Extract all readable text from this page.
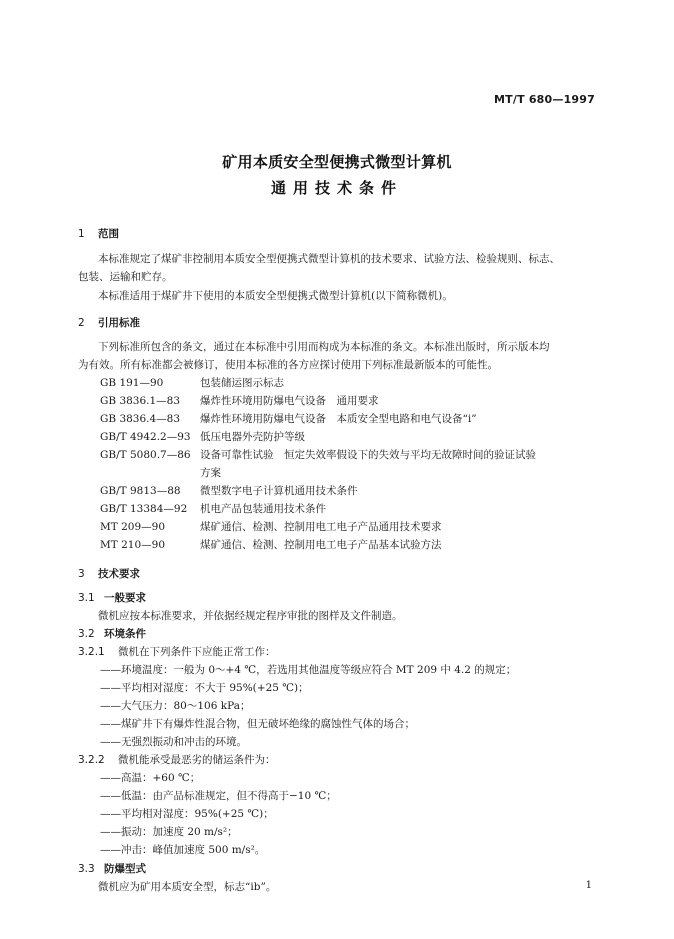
MT/T 680—1997
矿用本质安全型便携式微型计算机
通用技术条件
1 范围
本标准规定了煤矿非控制用本质安全型便携式微型计算机的技术要求、试验方法、检验规则、标志、
包装、运输和贮存。
本标准适用于煤矿井下使用的本质安全型便携式微型计算机(以下简称微机)。
2 引用标准
下列标准所包含的条文，通过在本标准中引用而构成为本标准的条文。本标准出版时，所示版本均
为有效。所有标准都会被修订，使用本标准的各方应探讨使用下列标准最新版本的可能性。
GB 191—90	包装储运图示标志
GB 3836.1—83 爆炸性环境用防爆电气设备　通用要求
GB 3836.4—83 爆炸性环境用防爆电气设备　本质安全型电路和电气设备“i”
GB/T 4942.2—93 低压电器外壳防护等级
GB/T 5080.7—86 设备可靠性试验　恒定失效率假设下的失效与平均无故障时间的验证试验
方案
GB/T 9813—88 微型数字电子计算机通用技术条件
GB/T 13384—92 机电产品包装通用技术条件
MT 209—90	煤矿通信、检测、控制用电工电子产品通用技术要求
MT 210—90	煤矿通信、检测、控制用电工电子产品基本试验方法
3 技术要求
3.1 一般要求
微机应按本标准要求，并依据经规定程序审批的图样及文件制造。
3.2 环境条件
3.2.1 微机在下列条件下应能正常工作：
——环境温度：一般为 0～+4 ℃，若选用其他温度等级应符合 MT 209 中 4.2 的规定；
——平均相对湿度：不大于 95%(+25 ℃)；
——大气压力：80～106 kPa；
——煤矿井下有爆炸性混合物，但无破坏绝缘的腐蚀性气体的场合；
——无强烈振动和冲击的环境。
3.2.2 微机能承受最恶劣的储运条件为：
——高温：+60 ℃；
——低温：由产品标准规定，但不得高于−10 ℃；
——平均相对湿度：95%(+25 ℃)；
——振动：加速度 20 m/s²；
——冲击：峰值加速度 500 m/s²。
3.3 防爆型式
微机应为矿用本质安全型，标志“ib”。	1
